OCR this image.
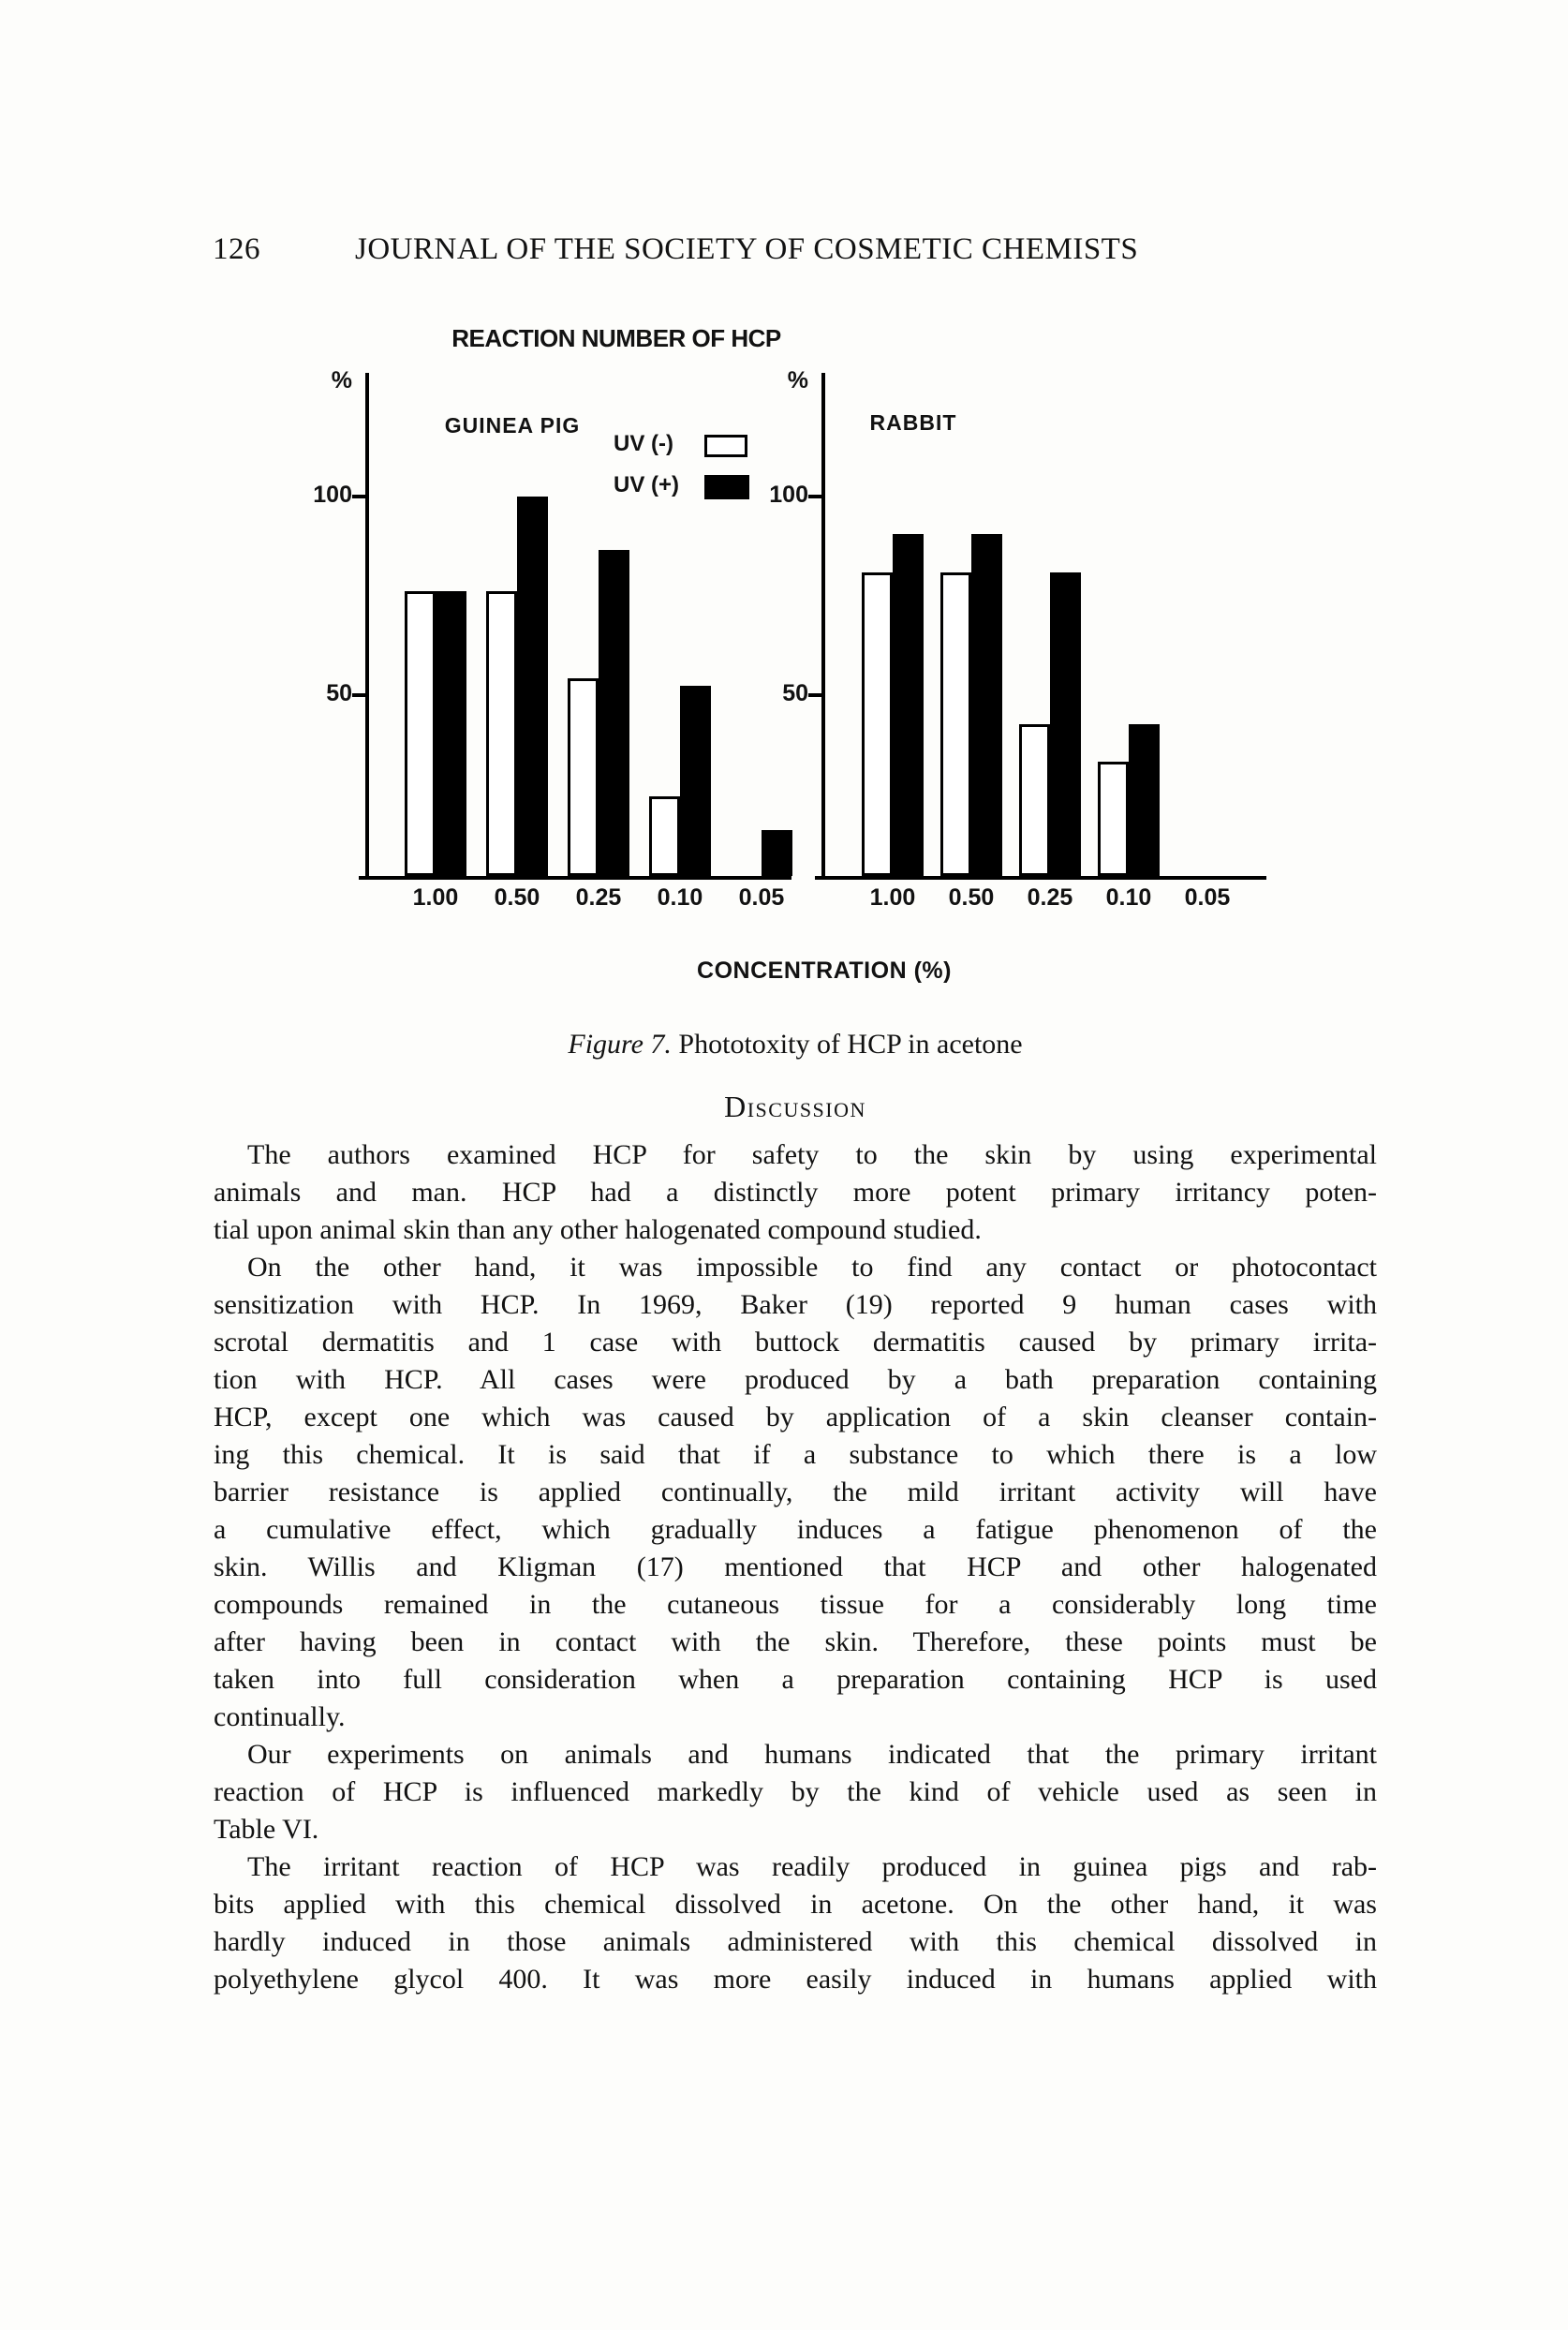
126	JOURNAL OF THE SOCIETY OF COSMETIC CHEMISTS
REACTION NUMBER OF HCP
GUINEA PIG	RABBIT
UV (-)
UV (+)
%
100
50
%
100
50
1.00	0.50	0.25	0.10	0.05	1.00	0.50	0.25	0.10	0.05
CONCENTRATION (%)
Figure 7. Phototoxity of HCP in acetone
Discussion
The authors examined HCP for safety to the skin by using experimental
animals and man. HCP had a distinctly more potent primary irritancy poten-
tial upon animal skin than any other halogenated compound studied.
On the other hand, it was impossible to find any contact or photocontact
sensitization with HCP. In 1969, Baker (19) reported 9 human cases with
scrotal dermatitis and 1 case with buttock dermatitis caused by primary irrita-
tion with HCP. All cases were produced by a bath preparation containing
HCP, except one which was caused by application of a skin cleanser contain-
ing this chemical. It is said that if a substance to which there is a low
barrier resistance is applied continually, the mild irritant activity will have
a cumulative effect, which gradually induces a fatigue phenomenon of the
skin. Willis and Kligman (17) mentioned that HCP and other halogenated
compounds remained in the cutaneous tissue for a considerably long time
after having been in contact with the skin. Therefore, these points must be
taken into full consideration when a preparation containing HCP is used
continually.
Our experiments on animals and humans indicated that the primary irritant
reaction of HCP is influenced markedly by the kind of vehicle used as seen in
Table VI.
The irritant reaction of HCP was readily produced in guinea pigs and rab-
bits applied with this chemical dissolved in acetone. On the other hand, it was
hardly induced in those animals administered with this chemical dissolved in
polyethylene glycol 400. It was more easily induced in humans applied with
